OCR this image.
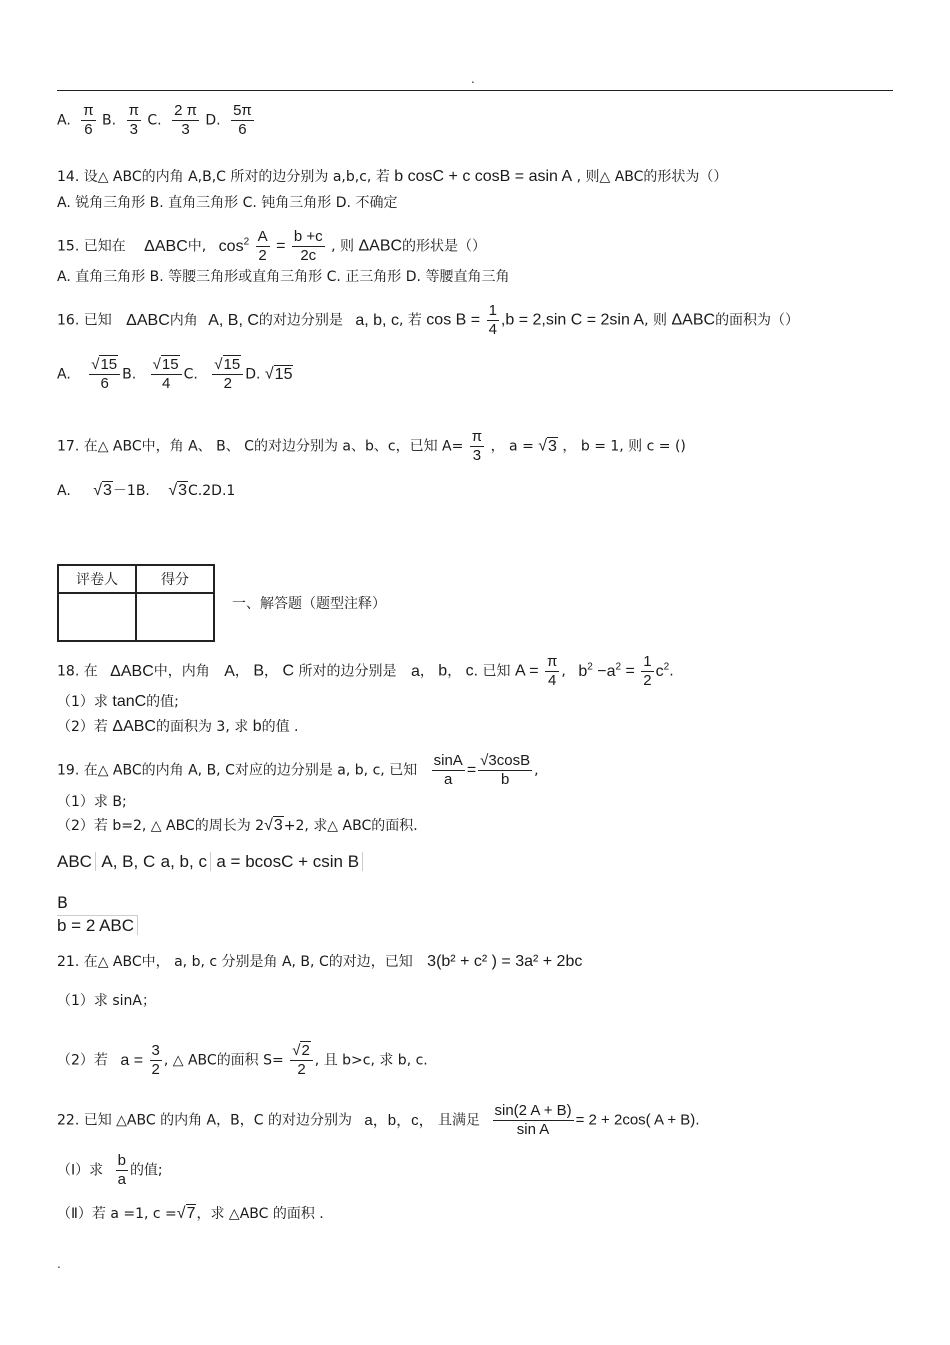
.
A. $\frac{\pi}{6} B$. $\frac{\pi}{3} C$. $\frac{2 \pi}{3} D$. $\frac{5\pi}{6}$
14. 设△ ABC的内角 A,B,C 所对的边分别为 a,b,c, 若 b cosC + c cosB = asin A , 则△ ABC的形状为（）
A. 锐角三角形 B. 直角三角形 C. 钝角三角形 D. 不确定
15. 已知在 ΔABC中, $\cos^2 \frac{A}{2} = \frac{b +c}{2c}$ , 则 ΔABC的形状是（）
A. 直角三角形 B. 等腰三角形或直角三角形 C. 正三角形 D. 等腰直角三角
16. 已知 ΔABC内角 A, B, C的对边分别是 a, b, c, 若 $\cos B = \frac{1}{4} ,b = 2,\sin$ C = 2sin A, 则 ΔABC的面积为（）
A. $\frac{√15}{6} B$. $\frac{√15}{4} C$. $\frac{√15}{2} D$. √15
17. 在△ ABC中，角 A、 B、 C的对边分别为 a、b、c，已知 $A= \frac{\pi}{3}$ ， a = √3 ， b = 1, 则 c = ()
A. √3－1B. √3C.2D.1
评卷人	得分

一、解答题（题型注释）
18. 在 ΔABC中，内角 A， B， C 所对的边分别是 a， b， c. 已知 $A = \frac{\pi}{4}$ , $b^2 -a^2 = \frac{1}{2} c^2$.
（1）求 tanC的值;
（2）若 ΔABC的面积为 3, 求 b的值 .
19. 在△ ABC的内角 A, B, C对应的边分别是 a, b, c, 已知 $\frac{\sin A}{a} = \frac{√3\cos B}{b}$ ,
（1）求 B;
（2）若 b=2, △ ABC的周长为 2√3+2, 求△ ABC的面积.
ABC A, B, C a, b, c a = bcosC + csin B
B
b = 2 ABC
21. 在△ ABC中， a, b, c 分别是角 A, B, C的对边，已知 3(b² + c² ) = 3a² + 2bc
（1）求 sinA；
（2）若 $a = \frac{3}{2}$ , △ ABC的面积 $S= \frac{√2}{2}$ , 且 b>c, 求 b, c.
22. 已知 △ABC 的内角 A，B，C 的对边分别为 a，b，c， 且满足 $\frac{\sin(2 A + B)}{\text{sin A}} = 2 + 2\cos$( A + B).
（Ⅰ）求 $\frac{b}{a}$ 的值;
（Ⅱ）若 a =1, c =√7，求 △ABC 的面积 .
.
